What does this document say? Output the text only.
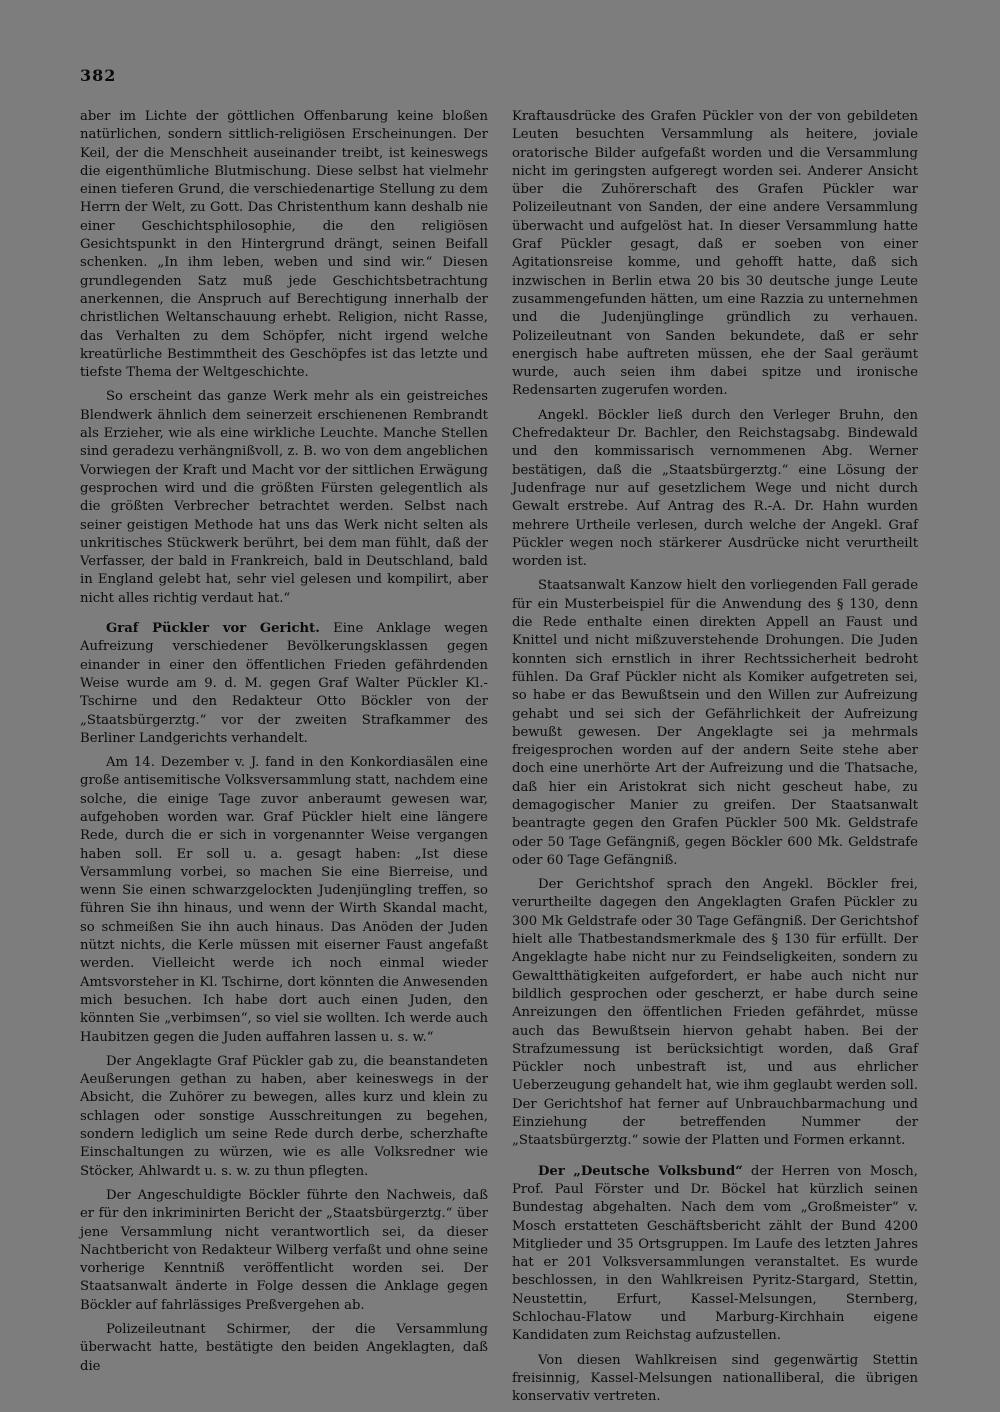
382

aber im Lichte der göttlichen Offenbarung keine bloßen natürlichen, sondern sittlich-religiösen Erscheinungen. Der Keil, der die Menschheit auseinander treibt, ist keineswegs die eigenthümliche Blutmischung. Diese selbst hat vielmehr einen tieferen Grund, die verschiedenartige Stellung zu dem Herrn der Welt, zu Gott. Das Christenthum kann deshalb nie einer Geschichtsphilosophie, die den religiösen Gesichtspunkt in den Hintergrund drängt, seinen Beifall schenken. „In ihm leben, weben und sind wir.“ Diesen grundlegenden Satz muß jede Geschichtsbetrachtung anerkennen, die Anspruch auf Berechtigung innerhalb der christlichen Weltanschauung erhebt. Religion, nicht Rasse, das Verhalten zu dem Schöpfer, nicht irgend welche kreatürliche Bestimmtheit des Geschöpfes ist das letzte und tiefste Thema der Weltgeschichte.

So erscheint das ganze Werk mehr als ein geistreiches Blendwerk ähnlich dem seinerzeit erschienenen Rembrandt als Erzieher, wie als eine wirkliche Leuchte. Manche Stellen sind geradezu verhängnißvoll, z. B. wo von dem angeblichen Vorwiegen der Kraft und Macht vor der sittlichen Erwägung gesprochen wird und die größten Fürsten gelegentlich als die größten Verbrecher betrachtet werden. Selbst nach seiner geistigen Methode hat uns das Werk nicht selten als unkritisches Stückwerk berührt, bei dem man fühlt, daß der Verfasser, der bald in Frankreich, bald in Deutschland, bald in England gelebt hat, sehr viel gelesen und kompilirt, aber nicht alles richtig verdaut hat.“

Graf Pückler vor Gericht. Eine Anklage wegen Aufreizung verschiedener Bevölkerungsklassen gegen einander in einer den öffentlichen Frieden gefährdenden Weise wurde am 9. d. M. gegen Graf Walter Pückler Kl.-Tschirne und den Redakteur Otto Böckler von der „Staatsbürgerztg.“ vor der zweiten Strafkammer des Berliner Landgerichts verhandelt.

Am 14. Dezember v. J. fand in den Konkordiasälen eine große antisemitische Volksversammlung statt, nachdem eine solche, die einige Tage zuvor anberaumt gewesen war, aufgehoben worden war. Graf Pückler hielt eine längere Rede, durch die er sich in vorgenannter Weise vergangen haben soll. Er soll u. a. gesagt haben: „Ist diese Versammlung vorbei, so machen Sie eine Bierreise, und wenn Sie einen schwarzgelockten Judenjüngling treffen, so führen Sie ihn hinaus, und wenn der Wirth Skandal macht, so schmeißen Sie ihn auch hinaus. Das Anöden der Juden nützt nichts, die Kerle müssen mit eiserner Faust angefaßt werden. Vielleicht werde ich noch einmal wieder Amtsvorsteher in Kl. Tschirne, dort könnten die Anwesenden mich besuchen. Ich habe dort auch einen Juden, den könnten Sie „verbimsen“, so viel sie wollten. Ich werde auch Haubitzen gegen die Juden auffahren lassen u. s. w.“

Der Angeklagte Graf Pückler gab zu, die beanstandeten Aeußerungen gethan zu haben, aber keineswegs in der Absicht, die Zuhörer zu bewegen, alles kurz und klein zu schlagen oder sonstige Ausschreitungen zu begehen, sondern lediglich um seine Rede durch derbe, scherzhafte Einschaltungen zu würzen, wie es alle Volksredner wie Stöcker, Ahlwardt u. s. w. zu thun pflegten.

Der Angeschuldigte Böckler führte den Nachweis, daß er für den inkriminirten Bericht der „Staatsbürgerztg.“ über jene Versammlung nicht verantwortlich sei, da dieser Nachtbericht von Redakteur Wilberg verfaßt und ohne seine vorherige Kenntniß veröffentlicht worden sei. Der Staatsanwalt änderte in Folge dessen die Anklage gegen Böckler auf fahrlässiges Preßvergehen ab.

Polizeileutnant Schirmer, der die Versammlung überwacht hatte, bestätigte den beiden Angeklagten, daß die

Kraftausdrücke des Grafen Pückler von der von gebildeten Leuten besuchten Versammlung als heitere, joviale oratorische Bilder aufgefaßt worden und die Versammlung nicht im geringsten aufgeregt worden sei. Anderer Ansicht über die Zuhörerschaft des Grafen Pückler war Polizeileutnant von Sanden, der eine andere Versammlung überwacht und aufgelöst hat. In dieser Versammlung hatte Graf Pückler gesagt, daß er soeben von einer Agitationsreise komme, und gehofft hatte, daß sich inzwischen in Berlin etwa 20 bis 30 deutsche junge Leute zusammengefunden hätten, um eine Razzia zu unternehmen und die Judenjünglinge gründlich zu verhauen. Polizeileutnant von Sanden bekundete, daß er sehr energisch habe auftreten müssen, ehe der Saal geräumt wurde, auch seien ihm dabei spitze und ironische Redensarten zugerufen worden.

Angekl. Böckler ließ durch den Verleger Bruhn, den Chefredakteur Dr. Bachler, den Reichstagsabg. Bindewald und den kommissarisch vernommenen Abg. Werner bestätigen, daß die „Staatsbürgerztg.“ eine Lösung der Judenfrage nur auf gesetzlichem Wege und nicht durch Gewalt erstrebe. Auf Antrag des R.-A. Dr. Hahn wurden mehrere Urtheile verlesen, durch welche der Angekl. Graf Pückler wegen noch stärkerer Ausdrücke nicht verurtheilt worden ist.

Staatsanwalt Kanzow hielt den vorliegenden Fall gerade für ein Musterbeispiel für die Anwendung des § 130, denn die Rede enthalte einen direkten Appell an Faust und Knittel und nicht mißzuverstehende Drohungen. Die Juden konnten sich ernstlich in ihrer Rechtssicherheit bedroht fühlen. Da Graf Pückler nicht als Komiker aufgetreten sei, so habe er das Bewußtsein und den Willen zur Aufreizung gehabt und sei sich der Gefährlichkeit der Aufreizung bewußt gewesen. Der Angeklagte sei ja mehrmals freigesprochen worden auf der andern Seite stehe aber doch eine unerhörte Art der Aufreizung und die Thatsache, daß hier ein Aristokrat sich nicht gescheut habe, zu demagogischer Manier zu greifen. Der Staatsanwalt beantragte gegen den Grafen Pückler 500 Mk. Geldstrafe oder 50 Tage Gefängniß, gegen Böckler 600 Mk. Geldstrafe oder 60 Tage Gefängniß.

Der Gerichtshof sprach den Angekl. Böckler frei, verurtheilte dagegen den Angeklagten Grafen Pückler zu 300 Mk Geldstrafe oder 30 Tage Gefängniß. Der Gerichtshof hielt alle Thatbestandsmerkmale des § 130 für erfüllt. Der Angeklagte habe nicht nur zu Feindseligkeiten, sondern zu Gewaltthätigkeiten aufgefordert, er habe auch nicht nur bildlich gesprochen oder gescherzt, er habe durch seine Anreizungen den öffentlichen Frieden gefährdet, müsse auch das Bewußtsein hiervon gehabt haben. Bei der Strafzumessung ist berücksichtigt worden, daß Graf Pückler noch unbestraft ist, und aus ehrlicher Ueberzeugung gehandelt hat, wie ihm geglaubt werden soll. Der Gerichtshof hat ferner auf Unbrauchbarmachung und Einziehung der betreffenden Nummer der „Staatsbürgerztg.“ sowie der Platten und Formen erkannt.

Der „Deutsche Volksbund“ der Herren von Mosch, Prof. Paul Förster und Dr. Böckel hat kürzlich seinen Bundestag abgehalten. Nach dem vom „Großmeister“ v. Mosch erstatteten Geschäftsbericht zählt der Bund 4200 Mitglieder und 35 Ortsgruppen. Im Laufe des letzten Jahres hat er 201 Volksversammlungen veranstaltet. Es wurde beschlossen, in den Wahlkreisen Pyritz-Stargard, Stettin, Neustettin, Erfurt, Kassel-Melsungen, Sternberg, Schlochau-Flatow und Marburg-Kirchhain eigene Kandidaten zum Reichstag aufzustellen.

Von diesen Wahlkreisen sind gegenwärtig Stettin freisinnig, Kassel-Melsungen nationalliberal, die übrigen konservativ vertreten.
